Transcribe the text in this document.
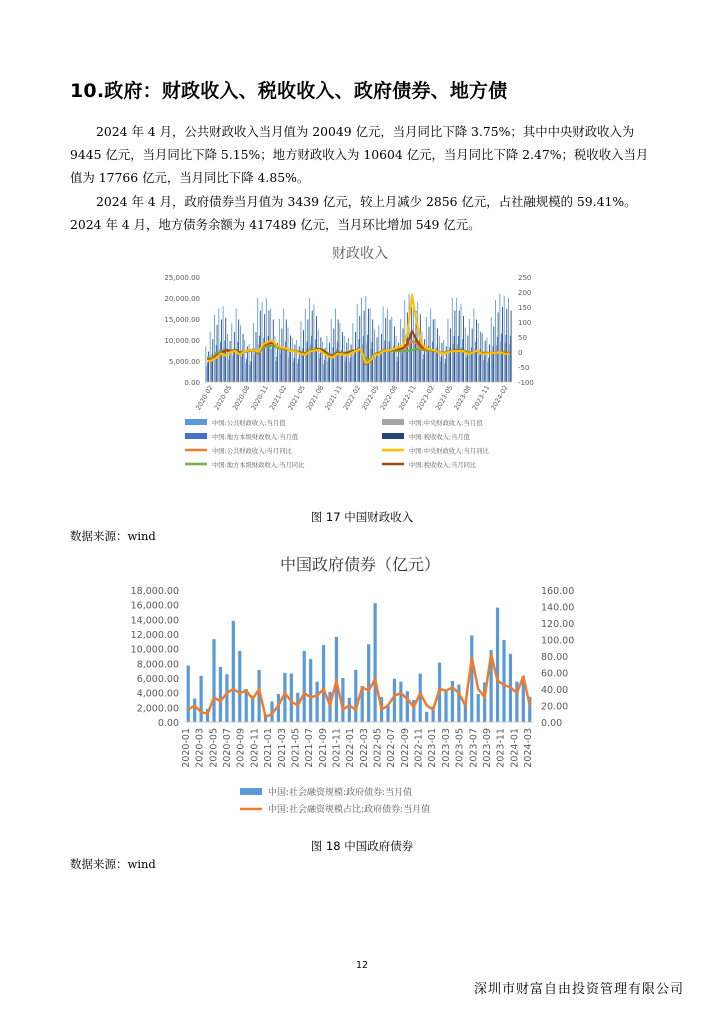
10.政府：财政收入、税收收入、政府债券、地方债
2024 年 4 月，公共财政收入当月值为 20049 亿元，当月同比下降 3.75%；其中中央财政收入为 9445 亿元，当月同比下降 5.15%；地方财政收入为 10604 亿元，当月同比下降 2.47%；税收收入当月值为 17766 亿元，当月同比下降 4.85%。
2024 年 4 月，政府债券当月值为 3439 亿元，较上月减少 2856 亿元，占社融规模的 59.41%。2024 年 4 月，地方债务余额为 417489 亿元，当月环比增加 549 亿元。
财政收入
25,000.00
20,000.00
15,000.00
10,000.00
5,000.00
0.00
250
200
150
100
50
0
-50
-100
2020-02
2020-05
2020-08
2020-11
2021-02
2021-05
2021-08
2021-11
2022-02
2022-05
2022-08
2022-11
2023-02
2023-05
2023-08
2023-11
2024-02
中国:公共财政收入:当月值	中国:中央财政收入:当月值
中国:地方本级财政收入:当月值	中国:税收收入:当月值
中国:公共财政收入:当月同比	中国:中央财政收入:当月同比
中国:地方本级财政收入:当月同比	中国:税收收入:当月同比
图 17 中国财政收入
数据来源：wind
中国政府债券（亿元）
18,000.00
16,000.00
14,000.00
12,000.00
10,000.00
8,000.00
6,000.00
4,000.00
2,000.00
0.00
160.00
140.00
120.00
100.00
80.00
60.00
40.00
20.00
0.00
2020-01 2020-03 2020-05 2020-07 2020-09 2020-11 2021-01 2021-03 2021-05 2021-07 2021-09 2021-11 2022-01 2022-03 2022-05 2022-07 2022-09 2022-11 2023-01 2023-03 2023-05 2023-07 2023-09 2023-11 2024-01 2024-03
中国:社会融资规模:政府债券:当月值
中国:社会融资规模占比:政府债券:当月值
图 18 中国政府债券
数据来源：wind
12
深圳市财富自由投资管理有限公司
